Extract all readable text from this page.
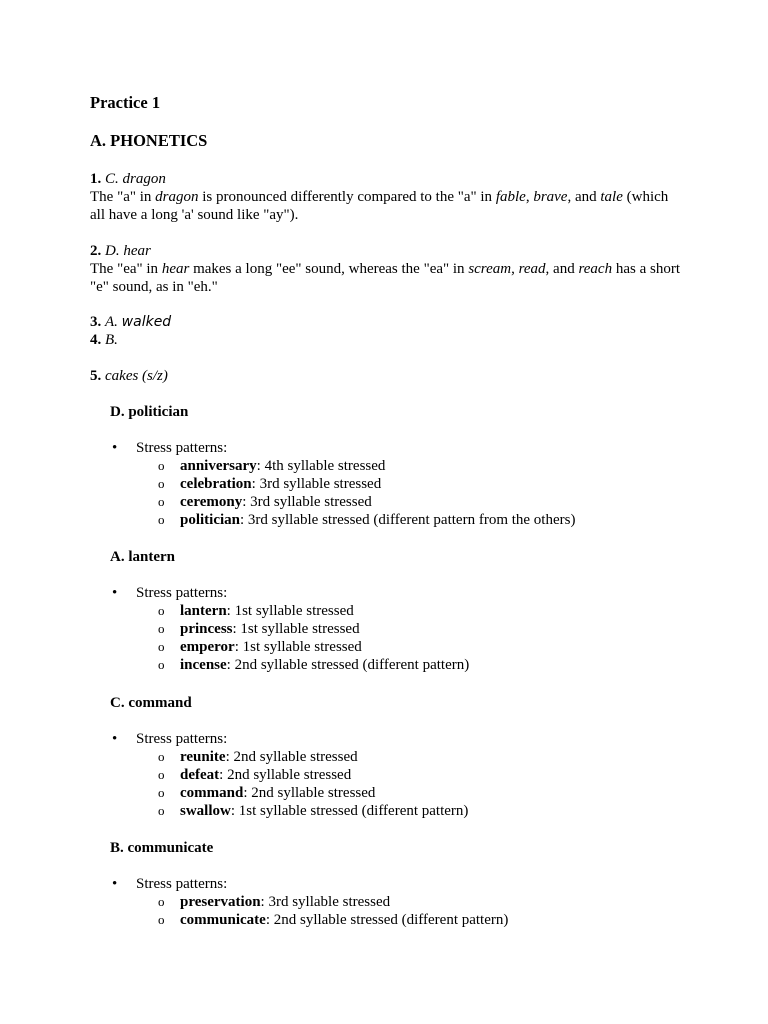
Practice 1
A. PHONETICS
1. C. dragon
The "a" in dragon is pronounced differently compared to the "a" in fable, brave, and tale (which all have a long 'a' sound like "ay").
2. D. hear
The "ea" in hear makes a long "ee" sound, whereas the "ea" in scream, read, and reach has a short "e" sound, as in "eh."
3. A. walked
4. B.
5. cakes (s/z)
D. politician
• Stress patterns:
o anniversary: 4th syllable stressed
o celebration: 3rd syllable stressed
o ceremony: 3rd syllable stressed
o politician: 3rd syllable stressed (different pattern from the others)
A. lantern
• Stress patterns:
o lantern: 1st syllable stressed
o princess: 1st syllable stressed
o emperor: 1st syllable stressed
o incense: 2nd syllable stressed (different pattern)
C. command
• Stress patterns:
o reunite: 2nd syllable stressed
o defeat: 2nd syllable stressed
o command: 2nd syllable stressed
o swallow: 1st syllable stressed (different pattern)
B. communicate
• Stress patterns:
o preservation: 3rd syllable stressed
o communicate: 2nd syllable stressed (different pattern)
